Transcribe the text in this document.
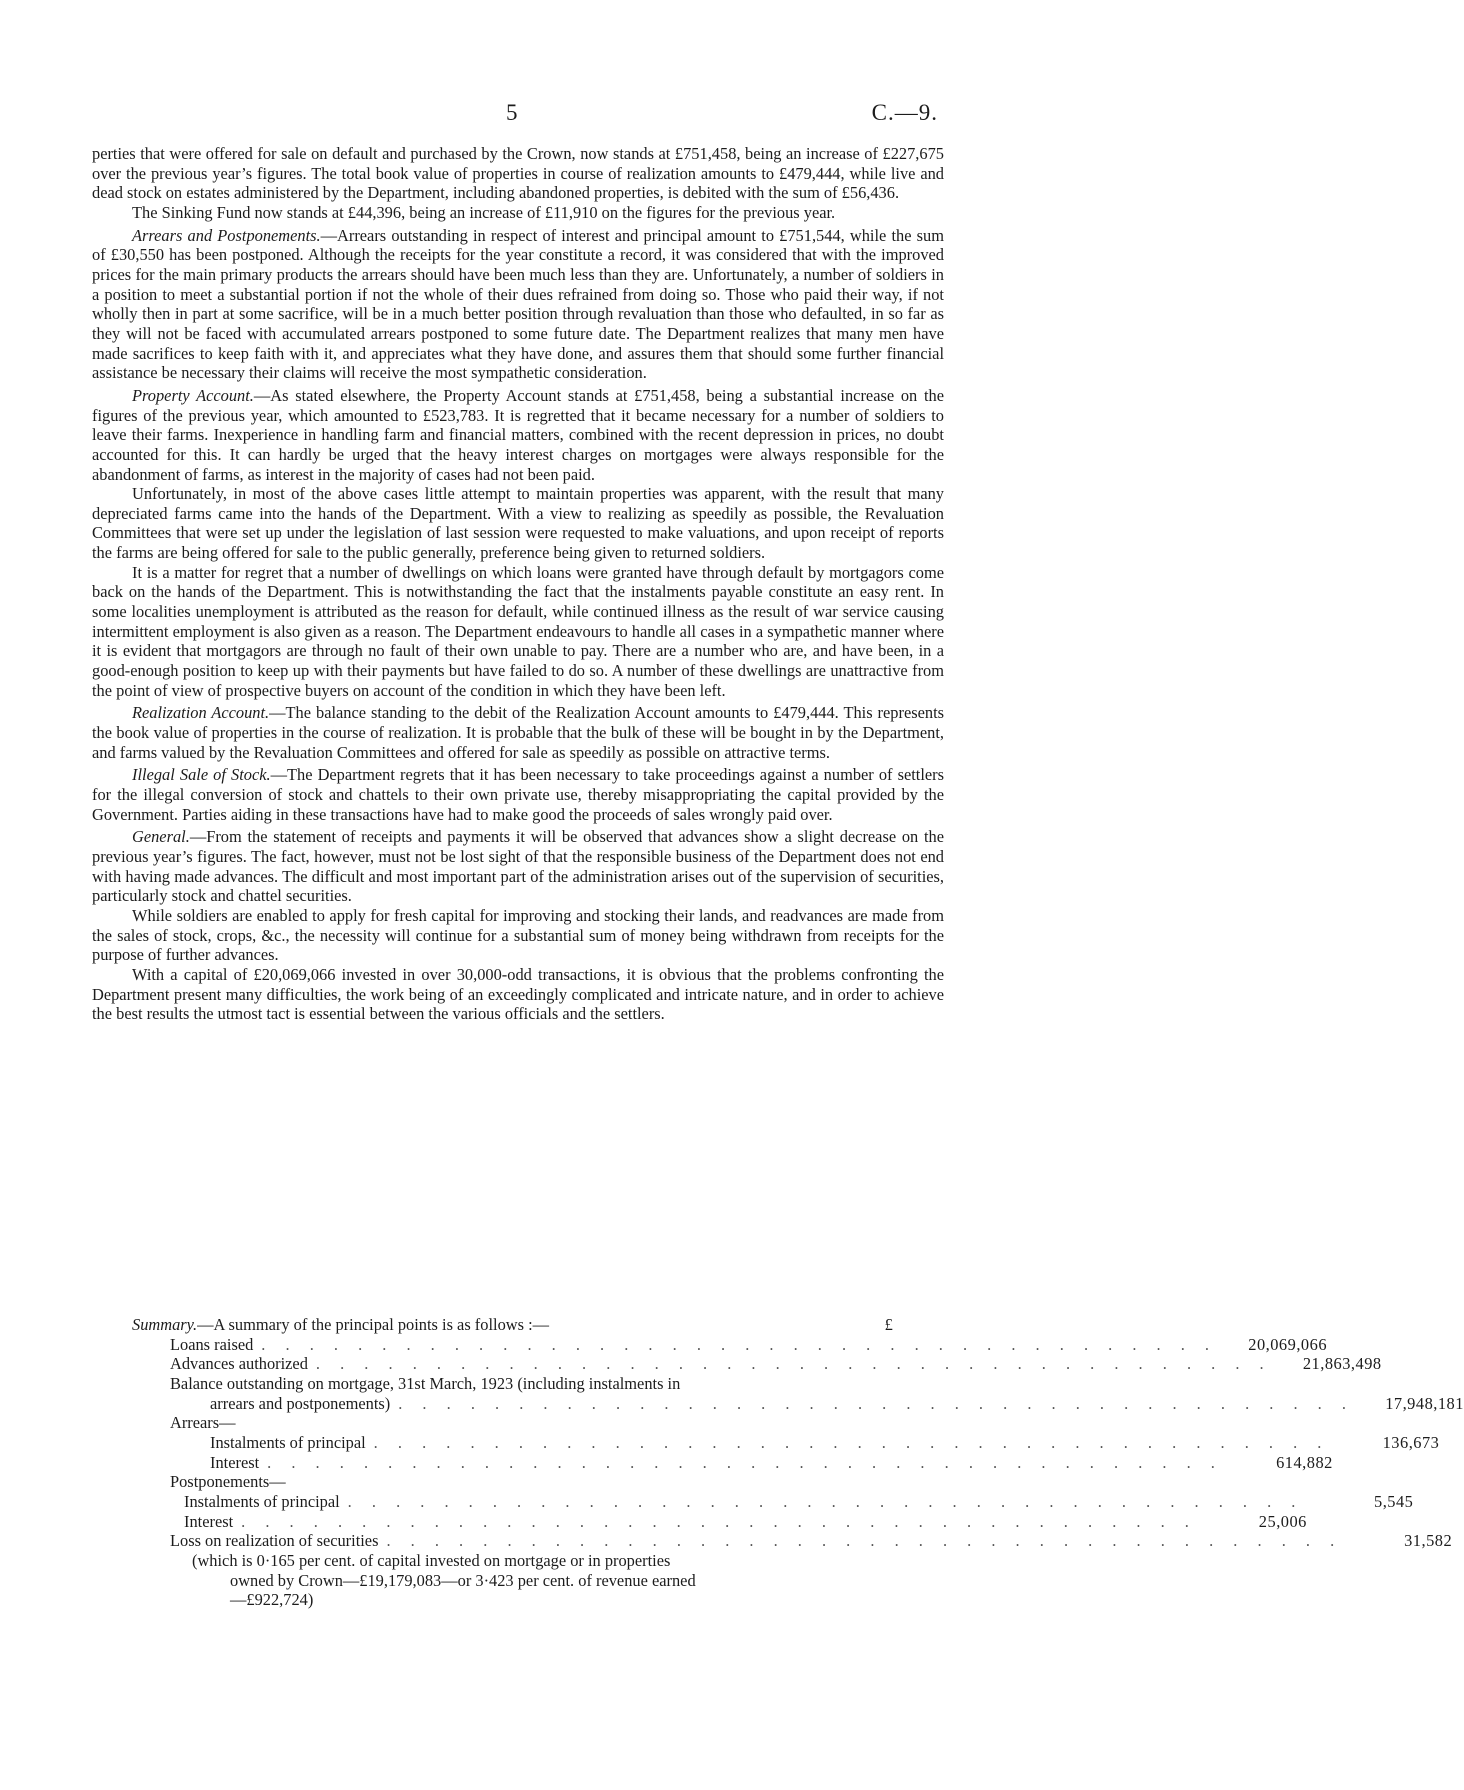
5	C.—9.

perties that were offered for sale on default and purchased by the Crown, now stands at £751,458, being an increase of £227,675 over the previous year’s figures. The total book value of properties in course of realization amounts to £479,444, while live and dead stock on estates administered by the Department, including abandoned properties, is debited with the sum of £56,436.

The Sinking Fund now stands at £44,396, being an increase of £11,910 on the figures for the previous year.

Arrears and Postponements.—Arrears outstanding in respect of interest and principal amount to £751,544, while the sum of £30,550 has been postponed. Although the receipts for the year constitute a record, it was considered that with the improved prices for the main primary products the arrears should have been much less than they are. Unfortunately, a number of soldiers in a position to meet a substantial portion if not the whole of their dues refrained from doing so. Those who paid their way, if not wholly then in part at some sacrifice, will be in a much better position through revaluation than those who defaulted, in so far as they will not be faced with accumulated arrears postponed to some future date. The Department realizes that many men have made sacrifices to keep faith with it, and appreciates what they have done, and assures them that should some further financial assistance be necessary their claims will receive the most sympathetic consideration.

Property Account.—As stated elsewhere, the Property Account stands at £751,458, being a substantial increase on the figures of the previous year, which amounted to £523,783. It is regretted that it became necessary for a number of soldiers to leave their farms. Inexperience in handling farm and financial matters, combined with the recent depression in prices, no doubt accounted for this. It can hardly be urged that the heavy interest charges on mortgages were always responsible for the abandonment of farms, as interest in the majority of cases had not been paid.

Unfortunately, in most of the above cases little attempt to maintain properties was apparent, with the result that many depreciated farms came into the hands of the Department. With a view to realizing as speedily as possible, the Revaluation Committees that were set up under the legislation of last session were requested to make valuations, and upon receipt of reports the farms are being offered for sale to the public generally, preference being given to returned soldiers.

It is a matter for regret that a number of dwellings on which loans were granted have through default by mortgagors come back on the hands of the Department. This is notwithstanding the fact that the instalments payable constitute an easy rent. In some localities unemployment is attributed as the reason for default, while continued illness as the result of war service causing intermittent employment is also given as a reason. The Department endeavours to handle all cases in a sympathetic manner where it is evident that mortgagors are through no fault of their own unable to pay. There are a number who are, and have been, in a good-enough position to keep up with their payments but have failed to do so. A number of these dwellings are unattractive from the point of view of prospective buyers on account of the condition in which they have been left.

Realization Account.—The balance standing to the debit of the Realization Account amounts to £479,444. This represents the book value of properties in the course of realization. It is probable that the bulk of these will be bought in by the Department, and farms valued by the Revaluation Committees and offered for sale as speedily as possible on attractive terms.

Illegal Sale of Stock.—The Department regrets that it has been necessary to take proceedings against a number of settlers for the illegal conversion of stock and chattels to their own private use, thereby misappropriating the capital provided by the Government. Parties aiding in these transactions have had to make good the proceeds of sales wrongly paid over.

General.—From the statement of receipts and payments it will be observed that advances show a slight decrease on the previous year’s figures. The fact, however, must not be lost sight of that the responsible business of the Department does not end with having made advances. The difficult and most important part of the administration arises out of the supervision of securities, particularly stock and chattel securities.

While soldiers are enabled to apply for fresh capital for improving and stocking their lands, and readvances are made from the sales of stock, crops, &c., the necessity will continue for a substantial sum of money being withdrawn from receipts for the purpose of further advances.

With a capital of £20,069,066 invested in over 30,000-odd transactions, it is obvious that the problems confronting the Department present many difficulties, the work being of an exceedingly complicated and intricate nature, and in order to achieve the best results the utmost tact is essential between the various officials and the settlers.

Summary.—A summary of the principal points is as follows :—	£
Loans raised . . . . . . . . . . . . . . . . . . . . . . . . . . . . . . . . . . . . . . . .	20,069,066
Advances authorized . . . . . . . . . . . . . . . . . . . . . . . . . . . . . . . . . . . . . . . .	21,863,498
Balance outstanding on mortgage, 31st March, 1923 (including instalments in
arrears and postponements) . . . . . . . . . . . . . . . . . . . . . . . . . . . . . . . . . . . . . . . .	17,948,181
Arrears—
Instalments of principal . . . . . . . . . . . . . . . . . . . . . . . . . . . . . . . . . . . . . . . .	136,673
Interest . . . . . . . . . . . . . . . . . . . . . . . . . . . . . . . . . . . . . . . .	614,882
Postponements—
Instalments of principal . . . . . . . . . . . . . . . . . . . . . . . . . . . . . . . . . . . . . . . .	5,545
Interest . . . . . . . . . . . . . . . . . . . . . . . . . . . . . . . . . . . . . . . .	25,006
Loss on realization of securities . . . . . . . . . . . . . . . . . . . . . . . . . . . . . . . . . . . . . . . .	31,582
(which is 0·165 per cent. of capital invested on mortgage or in properties
owned by Crown—£19,179,083—or 3·423 per cent. of revenue earned
—£922,724)
